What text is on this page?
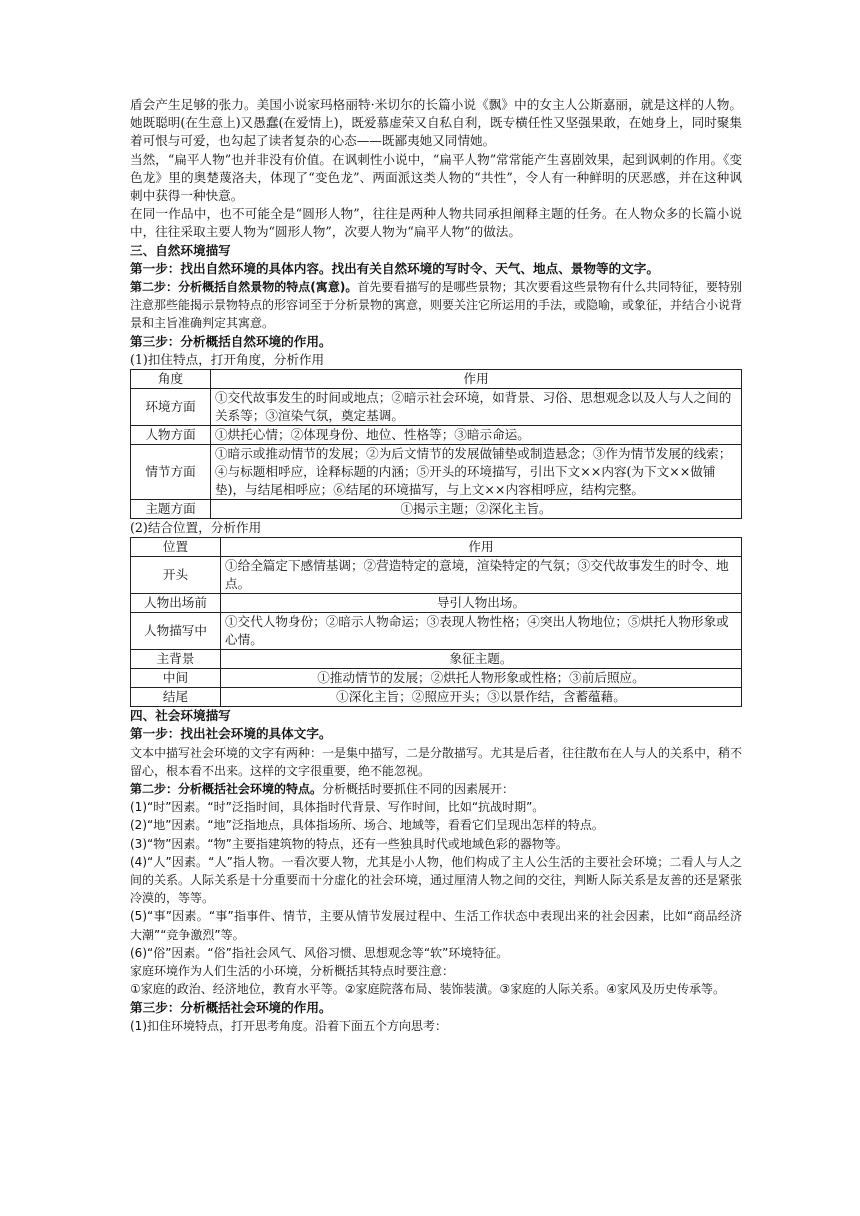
盾会产生足够的张力。美国小说家玛格丽特·米切尔的长篇小说《飘》中的女主人公斯嘉丽，就是这样的人物。她既聪明(在生意上)又愚蠢(在爱情上)，既爱慕虚荣又自私自利，既专横任性又坚强果敢，在她身上，同时聚集着可恨与可爱，也勾起了读者复杂的心态——既鄙夷她又同情她。

当然，“扁平人物”也并非没有价值。在讽刺性小说中，“扁平人物”常常能产生喜剧效果，起到讽刺的作用。《变色龙》里的奥楚蔑洛夫，体现了“变色龙”、两面派这类人物的“共性”，令人有一种鲜明的厌恶感，并在这种讽刺中获得一种快意。

在同一作品中，也不可能全是“圆形人物”，往往是两种人物共同承担阐释主题的任务。在人物众多的长篇小说中，往往采取主要人物为“圆形人物”，次要人物为“扁平人物”的做法。

三、自然环境描写

第一步：找出自然环境的具体内容。找出有关自然环境的写时令、天气、地点、景物等的文字。

第二步：分析概括自然景物的特点(寓意)。首先要看描写的是哪些景物；其次要看这些景物有什么共同特征，要特别注意那些能揭示景物特点的形容词至于分析景物的寓意，则要关注它所运用的手法，或隐喻，或象征，并结合小说背景和主旨准确判定其寓意。

第三步：分析概括自然环境的作用。

(1)扣住特点，打开角度，分析作用

角度	作用
环境方面	①交代故事发生的时间或地点；②暗示社会环境，如背景、习俗、思想观念以及人与人之间的关系等；③渲染气氛，奠定基调。
人物方面	①烘托心情；②体现身份、地位、性格等；③暗示命运。
情节方面	①暗示或推动情节的发展；②为后文情节的发展做铺垫或制造悬念；③作为情节发展的线索；④与标题相呼应，诠释标题的内涵；⑤开头的环境描写，引出下文××内容(为下文××做铺垫)，与结尾相呼应；⑥结尾的环境描写，与上文××内容相呼应，结构完整。
主题方面	①揭示主题；②深化主旨。

(2)结合位置，分析作用

位置	作用
开头	①给全篇定下感情基调；②营造特定的意境，渲染特定的气氛；③交代故事发生的时令、地点。
人物出场前	导引人物出场。
人物描写中	①交代人物身份；②暗示人物命运；③表现人物性格；④突出人物地位；⑤烘托人物形象或心情。
主背景	象征主题。
中间	①推动情节的发展；②烘托人物形象或性格；③前后照应。
结尾	①深化主旨；②照应开头；③以景作结，含蓄蕴藉。

四、社会环境描写

第一步：找出社会环境的具体文字。

文本中描写社会环境的文字有两种：一是集中描写，二是分散描写。尤其是后者，往往散布在人与人的关系中，稍不留心，根本看不出来。这样的文字很重要，绝不能忽视。

第二步：分析概括社会环境的特点。分析概括时要抓住不同的因素展开：

(1)“时”因素。“时”泛指时间，具体指时代背景、写作时间，比如“抗战时期”。

(2)“地”因素。“地”泛指地点，具体指场所、场合、地域等，看看它们呈现出怎样的特点。

(3)“物”因素。“物”主要指建筑物的特点，还有一些独具时代或地域色彩的器物等。

(4)“人”因素。“人”指人物。一看次要人物，尤其是小人物，他们构成了主人公生活的主要社会环境；二看人与人之间的关系。人际关系是十分重要而十分虚化的社会环境，通过厘清人物之间的交往，判断人际关系是友善的还是紧张冷漠的，等等。

(5)“事”因素。“事”指事件、情节，主要从情节发展过程中、生活工作状态中表现出来的社会因素，比如“商品经济大潮”“竞争激烈”等。

(6)“俗”因素。“俗”指社会风气、风俗习惯、思想观念等“软”环境特征。

家庭环境作为人们生活的小环境，分析概括其特点时要注意：

①家庭的政治、经济地位，教育水平等。②家庭院落布局、装饰装潢。③家庭的人际关系。④家风及历史传承等。

第三步：分析概括社会环境的作用。

(1)扣住环境特点，打开思考角度。沿着下面五个方向思考：
